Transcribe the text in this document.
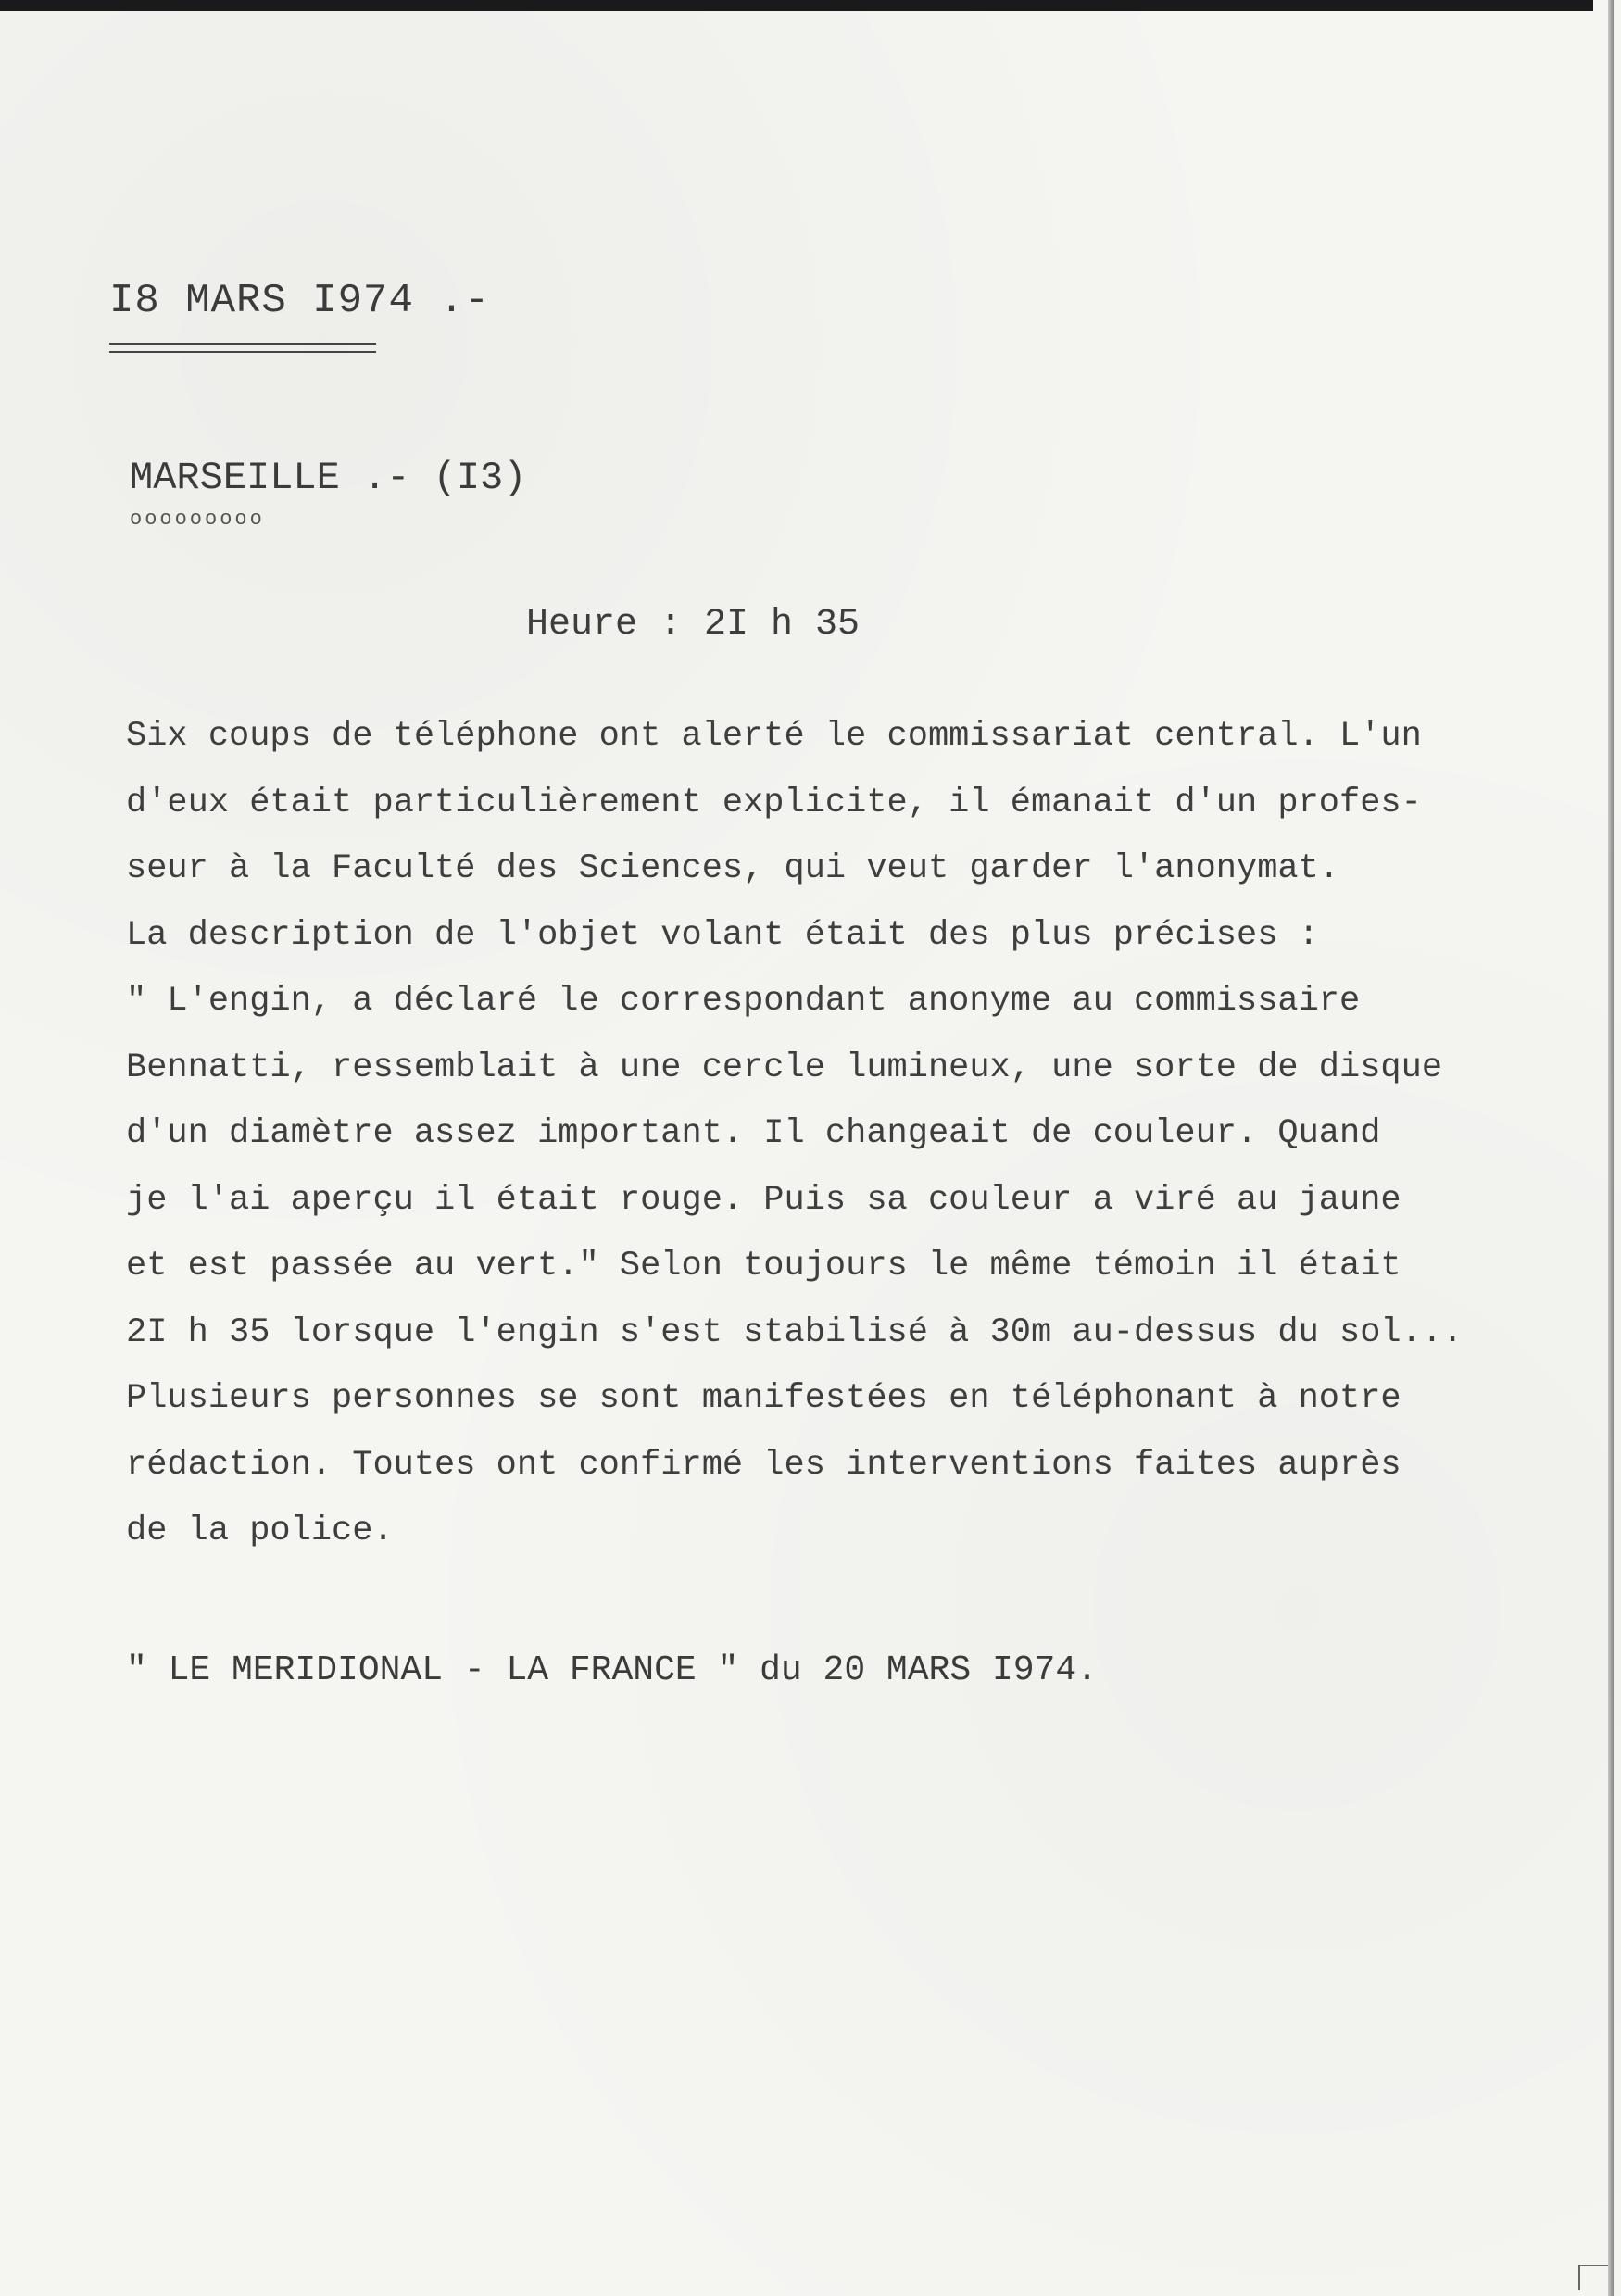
I8 MARS I974 .-
MARSEILLE .- (I3)
ooooooooo
Heure : 2I h 35
Six coups de téléphone ont alerté le commissariat central. L'un
d'eux était particulièrement explicite, il émanait d'un profes-
seur à la Faculté des Sciences, qui veut garder l'anonymat.
La description de l'objet volant était des plus précises :
" L'engin, a déclaré le correspondant anonyme au commissaire
Bennatti, ressemblait à une cercle lumineux, une sorte de disque
d'un diamètre assez important. Il changeait de couleur. Quand
je l'ai aperçu il était rouge. Puis sa couleur a viré au jaune
et est passée au vert." Selon toujours le même témoin il était
2I h 35 lorsque l'engin s'est stabilisé à 30m au-dessus du sol...
Plusieurs personnes se sont manifestées en téléphonant à notre
rédaction. Toutes ont confirmé les interventions faites auprès
de la police.
" LE MERIDIONAL - LA FRANCE " du 20 MARS I974.
